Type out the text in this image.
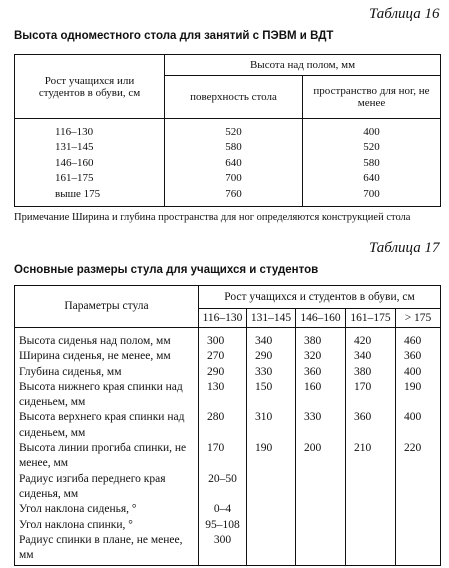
Таблица 16
Высота одноместного стола для занятий с ПЭВМ и ВДТ
Рост учащихся или студентов в обуви, см	Высота над полом, мм	
	поверхность стола	пространство для ног, не менее
116–130	520	400
131–145	580	520
146–160	640	580
161–175	700	640
выше 175	760	700
Примечание Ширина и глубина пространства для ног определяются конструкцией стола
Таблица 17
Основные размеры стула для учащихся и студентов
Параметры стула	Рост учащихся и студентов в обуви, см				
	116–130	131–145	146–160	161–175	> 175
Высота сиденья над полом, мм	300	340	380	420	460
Ширина сиденья, не менее, мм	270	290	320	340	360
Глубина сиденья, мм	290	330	360	380	400
Высота нижнего края спинки над сиденьем, мм	130	150	160	170	190
Высота верхнего края спинки над сиденьем, мм	280	310	330	360	400
Высота линии прогиба спинки, не менее, мм	170	190	200	210	220
Радиус изгиба переднего края сиденья, мм	20–50				
Угол наклона сиденья, °	0–4				
Угол наклона спинки, °	95–108				
Радиус спинки в плане, не менее, мм	300				
